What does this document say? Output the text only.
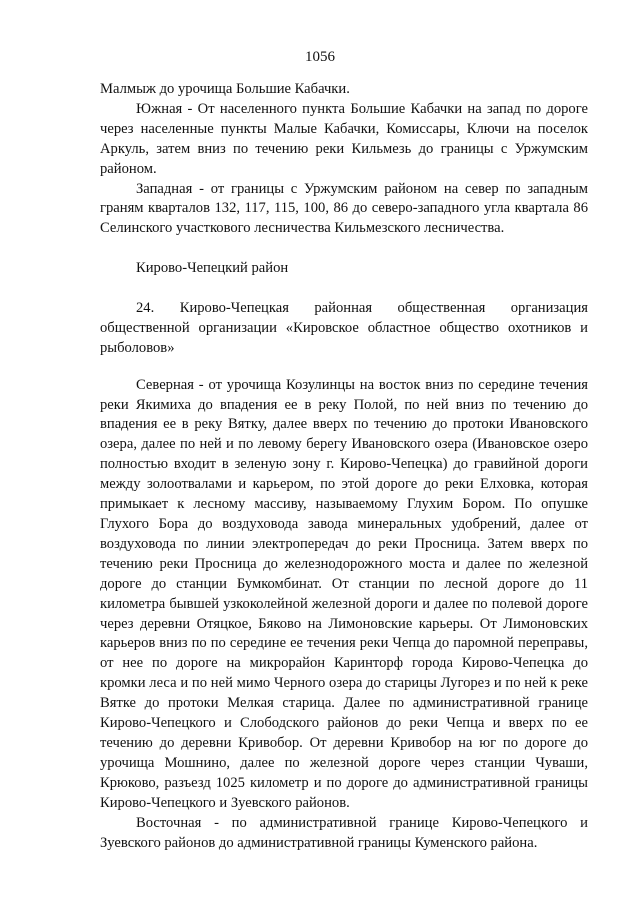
1056

Малмыж до урочища Большие Кабачки.

Южная - От населенного пункта Большие Кабачки на запад по дороге через населенные пункты Малые Кабачки, Комиссары, Ключи на поселок Аркуль, затем вниз по течению реки Кильмезь до границы с Уржумским районом.

Западная - от границы с Уржумским районом на север по западным граням кварталов 132, 117, 115, 100, 86 до северо-западного угла квартала 86 Селинского участкового лесничества Кильмезского лесничества.

Кирово-Чепецкий район

24. Кирово-Чепецкая районная общественная организация общественной организации «Кировское областное общество охотников и рыболовов»

Северная - от урочища Козулинцы на восток вниз по середине течения реки Якимиха до впадения ее в реку Полой, по ней вниз по течению до впадения ее в реку Вятку, далее вверх по течению до протоки Ивановского озера, далее по ней и по левому берегу Ивановского озера (Ивановское озеро полностью входит в зеленую зону г. Кирово-Чепецка) до гравийной дороги между золоотвалами и карьером, по этой дороге до реки Елховка, которая примыкает к лесному массиву, называемому Глухим Бором. По опушке Глухого Бора до воздуховода завода минеральных удобрений, далее от воздуховода по линии электропередач до реки Просница. Затем вверх по течению реки Просница до железнодорожного моста и далее по железной дороге до станции Бумкомбинат. От станции по лесной дороге до 11 километра бывшей узкоколейной железной дороги и далее по полевой дороге через деревни Отяцкое, Бяково на Лимоновские карьеры. От Лимоновских карьеров вниз по по середине ее течения реки Чепца до паромной переправы, от нее по дороге на микрорайон Каринторф города Кирово-Чепецка до кромки леса и по ней мимо Черного озера до старицы Лугорез и по ней к реке Вятке до протоки Мелкая старица. Далее по административной границе Кирово-Чепецкого и Слободского районов до реки Чепца и вверх по ее течению до деревни Кривобор. От деревни Кривобор на юг по дороге до урочища Мошнино, далее по железной дороге через станции Чуваши, Крюково, разъезд 1025 километр и по дороге до административной границы Кирово-Чепецкого и Зуевского районов.

Восточная - по административной границе Кирово-Чепецкого и Зуевского районов до административной границы Куменского района.
